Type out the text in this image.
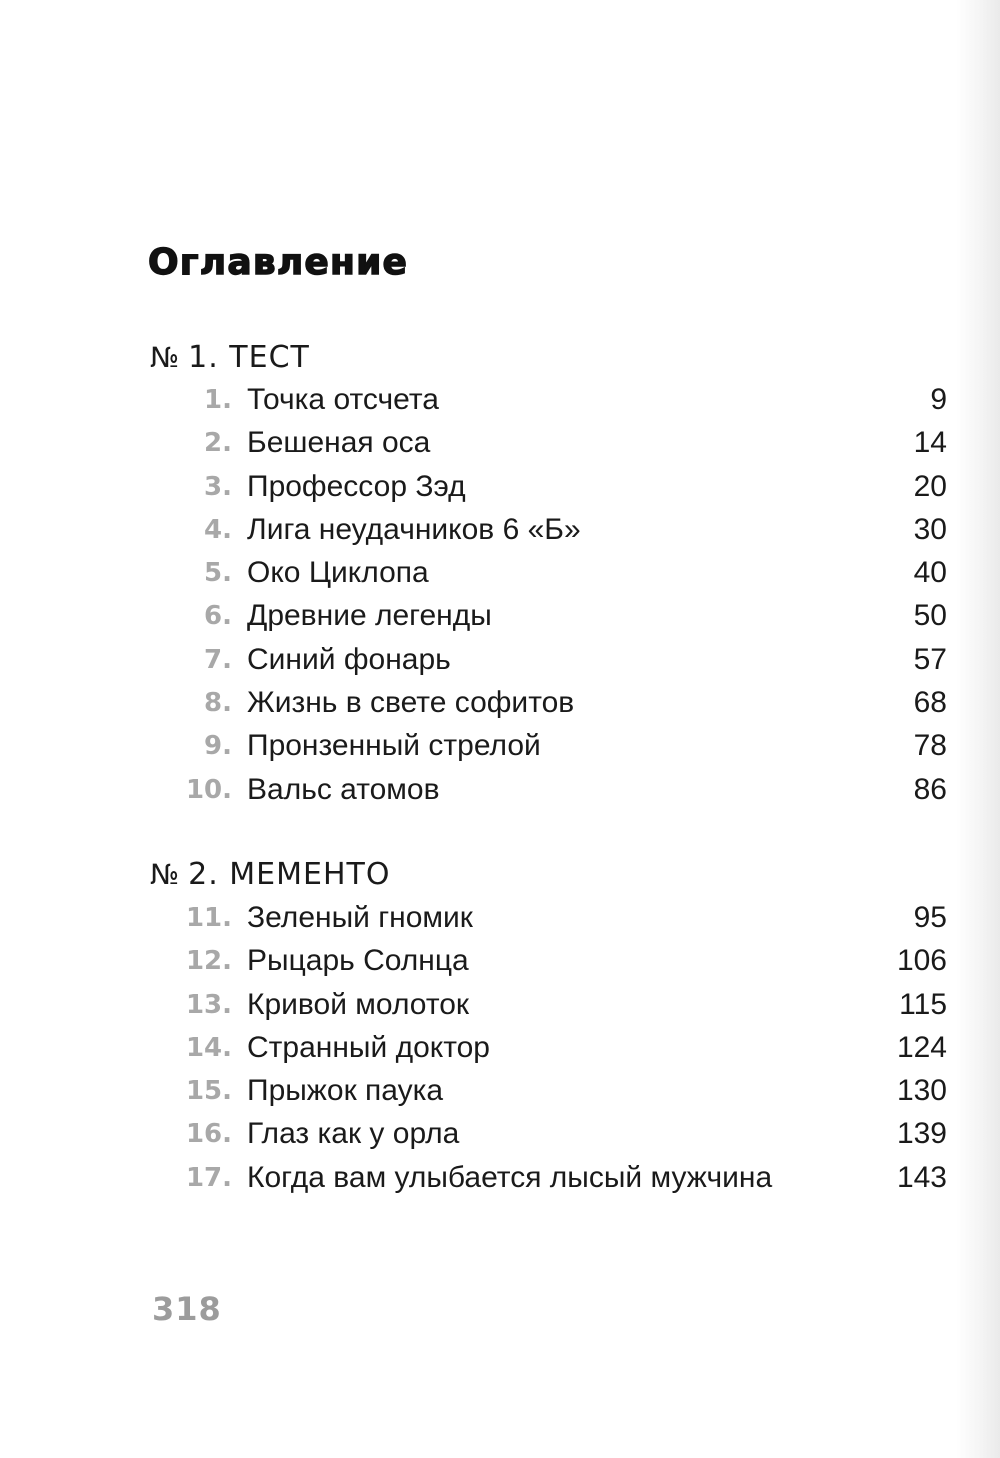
Оглавление
№ 1. ТЕСТ
1. Точка отсчета . .	9
2. Бешеная оса . .	14
3. Профессор Зэд . .	20
4. Лига неудачников 6 «Б» . .	30
5. Око Циклопа . .	40
6. Древние легенды . .	50
7. Синий фонарь . .	57
8. Жизнь в свете софитов . .	68
9. Пронзенный стрелой . .	78
10. Вальс атомов . .	86
№ 2. МЕМЕНТО
11. Зеленый гномик . .	95
12. Рыцарь Солнца . .	106
13. Кривой молоток . .	115
14. Странный доктор . .	124
15. Прыжок паука . .	130
16. Глаз как у орла . .	139
17. Когда вам улыбается лысый мужчина . .	143
318
